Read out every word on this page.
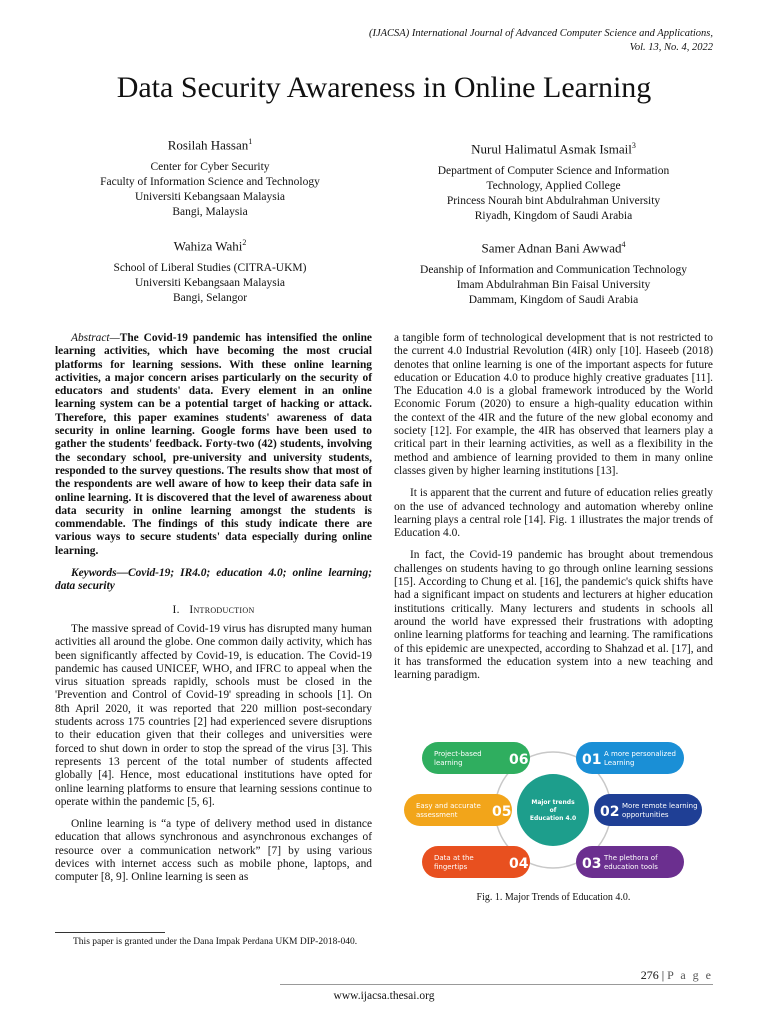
(IJACSA) International Journal of Advanced Computer Science and Applications,
Vol. 13, No. 4, 2022
Data Security Awareness in Online Learning
Rosilah Hassan$^1$
Center for Cyber Security
Faculty of Information Science and Technology
Universiti Kebangsaan Malaysia
Bangi, Malaysia
Nurul Halimatul Asmak Ismail$^3$
Department of Computer Science and Information
Technology, Applied College
Princess Nourah bint Abdulrahman University
Riyadh, Kingdom of Saudi Arabia
Wahiza Wahi$^2$
School of Liberal Studies (CITRA-UKM)
Universiti Kebangsaan Malaysia
Bangi, Selangor
Samer Adnan Bani Awwad$^4$
Deanship of Information and Communication Technology
Imam Abdulrahman Bin Faisal University
Dammam, Kingdom of Saudi Arabia

Abstract—The Covid-19 pandemic has intensified the online learning activities, which have becoming the most crucial platforms for learning sessions. With these online learning activities, a major concern arises particularly on the security of educators and students' data. Every element in an online learning system can be a potential target of hacking or attack. Therefore, this paper examines students' awareness of data security in online learning. Google forms have been used to gather the students' feedback. Forty-two (42) students, involving the secondary school, pre-university and university students, responded to the survey questions. The results show that most of the respondents are well aware of how to keep their data safe in online learning. It is discovered that the level of awareness about data security in online learning amongst the students is commendable. The findings of this study indicate there are various ways to secure students' data especially during online learning.

Keywords—Covid-19; IR4.0; education 4.0; online learning; data security

I. Introduction

The massive spread of Covid-19 virus has disrupted many human activities all around the globe. One common daily activity, which has been significantly affected by Covid-19, is education. The Covid-19 pandemic has caused UNICEF, WHO, and IFRC to appeal when the virus situation spreads rapidly, schools must be closed in the 'Prevention and Control of Covid-19' spreading in schools [1]. On 8th April 2020, it was reported that 220 million post-secondary students across 175 countries [2] had experienced severe disruptions to their education given that their colleges and universities were forced to shut down in order to stop the spread of the virus [3]. This represents 13 percent of the total number of students affected globally [4]. Hence, most educational institutions have opted for online learning platforms to ensure that learning sessions continue to operate within the pandemic [5, 6].

Online learning is “a type of delivery method used in distance education that allows synchronous and asynchronous exchanges of resource over a communication network” [7] by using various devices with internet access such as mobile phone, laptops, and computer [8, 9]. Online learning is seen as

a tangible form of technological development that is not restricted to the current 4.0 Industrial Revolution (4IR) only [10]. Haseeb (2018) denotes that online learning is one of the important aspects for future education or Education 4.0 to produce highly creative graduates [11]. The Education 4.0 is a global framework introduced by the World Economic Forum (2020) to ensure a high-quality education within the context of the 4IR and the future of the new global economy and society [12]. For example, the 4IR has observed that learners play a critical part in their learning activities, as well as a flexibility in the method and ambience of learning provided to them in many online classes given by higher learning institutions [13].

It is apparent that the current and future of education relies greatly on the use of advanced technology and automation whereby online learning plays a central role [14]. Fig. 1 illustrates the major trends of Education 4.0.

In fact, the Covid-19 pandemic has brought about tremendous challenges on students having to go through online learning sessions [15]. According to Chung et al. [16], the pandemic's quick shifts have had a significant impact on students and lecturers at higher education institutions critically. Many lecturers and students in schools all around the world have expressed their frustrations with adopting online learning platforms for teaching and learning. The ramifications of this epidemic are unexpected, according to Shahzad et al. [17], and it has transformed the education system into a new teaching and learning paradigm.

Major trends
of
Education 4.0
Project-based
learning	06
Easy and accurate
assessment 05
Data at the
fingertips	04
01 A more personalized
Learning
02 More remote learning
opportunities
03 The plethora of
education tools
Fig. 1. Major Trends of Education 4.0.
This paper is granted under the Dana Impak Perdana UKM DIP-2018-040.
276 | P a g e
www.ijacsa.thesai.org
